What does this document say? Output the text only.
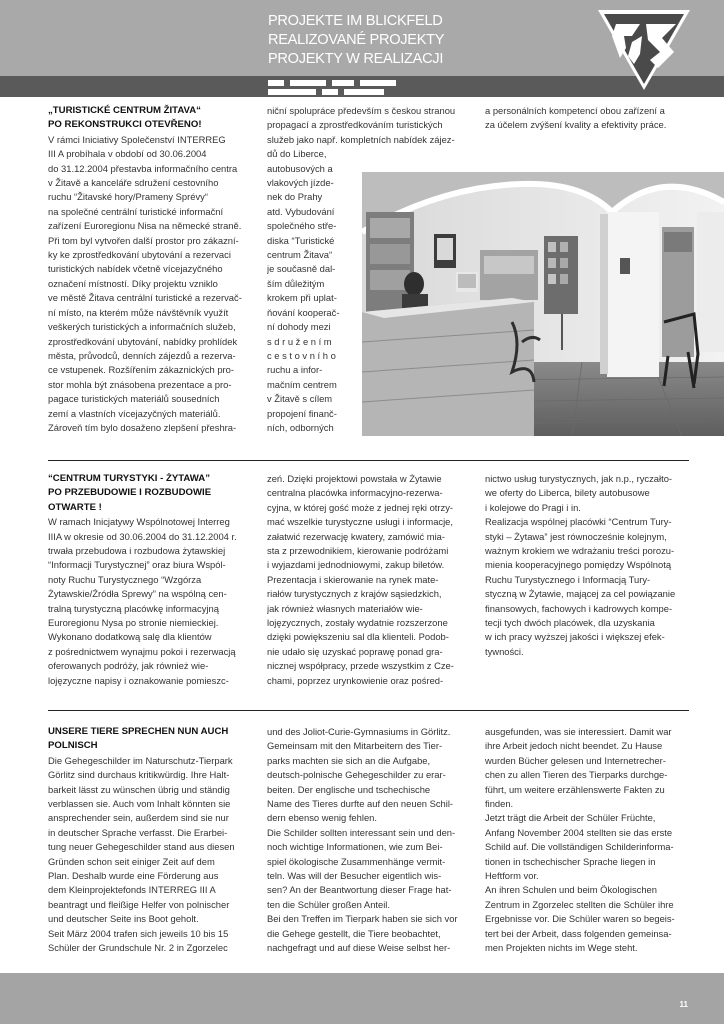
PROJEKTE IM BLICKFELD
REALIZOVANÉ PROJEKTY
PROJEKTY W REALIZACJI

„TURISTICKÉ CENTRUM ŽITAVA“

PO REKONSTRUKCI OTEVŘENO!

V rámci Iniciativy Společenství INTERREG
III A probíhala v období od 30.06.2004
do 31.12.2004 přestavba informačního centra
v Žitavě a kanceláře sdružení cestovního
ruchu “Žitavské hory/Prameny Sprévy“
na společné centrální turistické informační
zařízení Euroregionu Nisa na německé straně.
Při tom byl vytvořen další prostor pro zákazní-
ky ke zprostředkování ubytování a rezervaci
turistických nabídek včetně vícejazyčného
označení místností. Díky projektu vzniklo
ve městě Žitava centrální turistické a rezervač-
ní místo, na kterém může návštěvník využít
veškerých turistických a informačních služeb,
zprostředkování ubytování, nabídky prohlídek
města, průvodců, denních zájezdů a rezerva-
ce vstupenek. Rozšířením zákaznických pro-
stor mohla být znásobena prezentace a pro-
pagace turistických materiálů sousedních
zemí a vlastních vícejazyčných materiálů.
Zároveň tím bylo dosaženo zlepšení přeshra-
niční spolupráce především s českou stranou
propagací a zprostředkováním turistických
služeb jako např. kompletních nabídek zájez-
dů do Liberce,
autobusových a
vlakových jízde-
nek do Prahy
atd. Vybudování
společného stře-
diska “Turistické
centrum Žitava“
je současně dal-
ším důležitým
krokem při uplat-
ňování kooperač-
ní dohody mezi
s d r u ž e n í m
c e s t o v n í h o
ruchu a infor-
mačním centrem
v Žitavě s cílem
propojení finanč-
ních, odborných
a personálních kompetencí obou zařízení a
za účelem zvýšení kvality a efektivity práce.

“CENTRUM TURYSTYKI - ŻYTAWA”

PO PRZEBUDOWIE I ROZBUDOWIE

OTWARTE !

W ramach Inicjatywy Wspólnotowej Interreg
IIIA w okresie od 30.06.2004 do 31.12.2004 r.
trwała przebudowa i rozbudowa żytawskiej
“Informacji Turystycznej” oraz biura Wspól-
noty Ruchu Turystycznego “Wzgórza
Żytawskie/Źródła Sprewy” na wspólną cen-
tralną turystyczną placówkę informacyjną
Euroregionu Nysa po stronie niemieckiej.
Wykonano dodatkową salę dla klientów
z pośrednictwem wynajmu pokoi i rezerwacją
oferowanych podróży, jak również wie-
lojęzyczne napisy i oznakowanie pomieszc-
zeń. Dzięki projektowi powstała w Żytawie
centralna placówka informacyjno-rezerwa-
cyjna, w której gość może z jednej ręki otrzy-
mać wszelkie turystyczne usługi i informacje,
załatwić rezerwację kwatery, zamówić mia-
sta z przewodnikiem, kierowanie podróżami
i wyjazdami jednodniowymi, zakup biletów.
Prezentacja i skierowanie na rynek mate-
riałów turystycznych z krajów sąsiedzkich,
jak również własnych materiałów wie-
lojęzycznych, zostały wydatnie rozszerzone
dzięki powiększeniu sal dla klienteli. Podob-
nie udało się uzyskać poprawę ponad gra-
nicznej współpracy, przede wszystkim z Cze-
chami, poprzez urynkowienie oraz pośred-
nictwo usług turystycznych, jak n.p., ryczałto-
we oferty do Liberca, bilety autobusowe
i kolejowe do Pragi i in.
Realizacja wspólnej placówki “Centrum Tury-
styki – Żytawa” jest równocześnie kolejnym,
ważnym krokiem we wdrażaniu treści porozu-
mienia kooperacyjnego pomiędzy Wspólnotą
Ruchu Turystycznego i Informacją Tury-
styczną w Żytawie, mającej za cel powiązanie
finansowych, fachowych i kadrowych kompe-
tecji tych dwóch placówek, dla uzyskania
w ich pracy wyższej jakości i większej efek-
tywności.

UNSERE TIERE SPRECHEN NUN AUCH

POLNISCH

Die Gehegeschilder im Naturschutz-Tierpark
Görlitz sind durchaus kritikwürdig. Ihre Halt-
barkeit lässt zu wünschen übrig und ständig
verblassen sie. Auch vom Inhalt könnten sie
ansprechender sein, außerdem sind sie nur
in deutscher Sprache verfasst. Die Erarbei-
tung neuer Gehegeschilder stand aus diesen
Gründen schon seit einiger Zeit auf dem
Plan. Deshalb wurde eine Förderung aus
dem Kleinprojektefonds INTERREG III A
beantragt und fleißige Helfer von polnischer
und deutscher Seite ins Boot geholt.
Seit März 2004 trafen sich jeweils 10 bis 15
Schüler der Grundschule Nr. 2 in Zgorzelec
und des Joliot-Curie-Gymnasiums in Görlitz.
Gemeinsam mit den Mitarbeitern des Tier-
parks machten sie sich an die Aufgabe,
deutsch-polnische Gehegeschilder zu erar-
beiten. Der englische und tschechische
Name des Tieres durfte auf den neuen Schil-
dern ebenso wenig fehlen.
Die Schilder sollten interessant sein und den-
noch wichtige Informationen, wie zum Bei-
spiel ökologische Zusammenhänge vermit-
teln. Was will der Besucher eigentlich wis-
sen? An der Beantwortung dieser Frage hat-
ten die Schüler großen Anteil.
Bei den Treffen im Tierpark haben sie sich vor
die Gehege gestellt, die Tiere beobachtet,
nachgefragt und auf diese Weise selbst her-
ausgefunden, was sie interessiert. Damit war
ihre Arbeit jedoch nicht beendet. Zu Hause
wurden Bücher gelesen und Internetrecher-
chen zu allen Tieren des Tierparks durchge-
führt, um weitere erzählenswerte Fakten zu
finden.
Jetzt trägt die Arbeit der Schüler Früchte,
Anfang November 2004 stellten sie das erste
Schild auf. Die vollständigen Schilderinforma-
tionen in tschechischer Sprache liegen in
Heftform vor.
An ihren Schulen und beim Ökologischen
Zentrum in Zgorzelec stellten die Schüler ihre
Ergebnisse vor. Die Schüler waren so begeis-
tert bei der Arbeit, dass folgenden gemeinsa-
men Projekten nichts im Wege steht.
11
